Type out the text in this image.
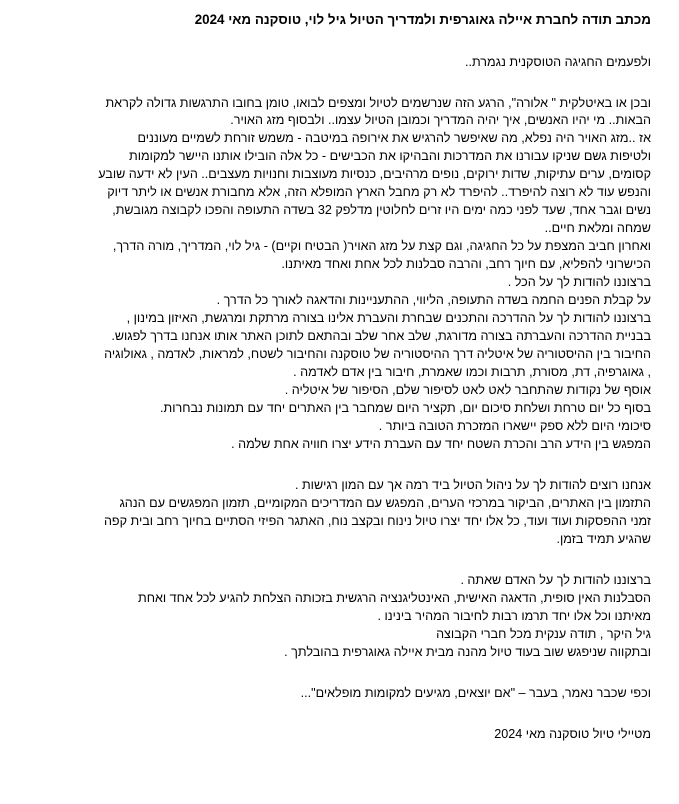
מכתב תודה לחברת איילה גאוגרפית ולמדריך הטיול גיל לוי, טוסקנה מאי 2024
ולפעמים החגיגה הטוסקנית נגמרת..
ובכן או באיטלקית " אלורה", הרגע הזה שנרשמים לטיול ומצפים לבואו, טומן בחובו התרגשות גדולה לקראת
הבאות.. מי יהיו האנשים, איך יהיה המדריך וכמובן הטיול עצמו.. ולבסוף מזג האויר.
אז ..מזג האויר היה נפלא, מה שאיפשר להרגיש את אירופה במיטבה - משמש זורחת לשמיים מעוננים
ולטיפות גשם שניקו עבורנו את המדרכות והבהיקו את הכבישים - כל אלה הובילו אותנו היישר למקומות
קסומים, ערים עתיקות, שדות ירוקים, נופים מרהיבים, כנסיות מעוצבות וחנויות מעצבים.. העין לא ידעה שובע
והנפש עוד לא רוצה להיפרד.. להיפרד לא רק מחבל הארץ המופלא הזה, אלא מחבורת אנשים או ליתר דיוק
נשים וגבר אחד, שעד לפני כמה ימים היו זרים לחלוטין מדלפק 32 בשדה התעופה והפכו לקבוצה מגובשת,
שמחה ומלאת חיים..
ואחרון חביב המצפת על כל החגיגה, וגם קצת על מזג האויר( הבטיח וקיים) - גיל לוי, המדריך, מורה הדרך,
הכישרוני להפליא, עם חיוך רחב, והרבה סבלנות לכל אחת ואחד מאיתנו.
ברצוננו להודות לך על הכל .
על קבלת הפנים החמה בשדה התעופה, הליווי, ההתעניינות והדאגה לאורך כל הדרך .
ברצוננו להודות לך על ההדרכה והתכנים שבחרת והעברת אלינו בצורה מרתקת ומרגשת, האיזון במינון ,
בבניית ההדרכה והעברתה בצורה מדורגת, שלב אחר שלב ובהתאם לתוכן האתר אותו אנחנו בדרך לפגוש.
החיבור בין ההיסטוריה של איטליה דרך ההיסטוריה של טוסקנה והחיבור לשטח, למראות, לאדמה , גאולוגיה
, גאוגרפיה, דת, מסורת, תרבות וכמו שאמרת, חיבור בין אדם לאדמה .
אוסף של נקודות שהתחבר לאט לאט לסיפור שלם, הסיפור של איטליה .
בסוף כל יום טרחת ושלחת סיכום יום, תקציר היום שמחבר בין האתרים יחד עם תמונות נבחרות.
סיכומי היום ללא ספק יישארו המזכרת הטובה ביותר .
המפגש בין הידע הרב והכרת השטח יחד עם העברת הידע יצרו חוויה אחת שלמה .
אנחנו רוצים להודות לך על ניהול הטיול ביד רמה אך עם המון רגישות .
התזמון בין האתרים, הביקור במרכזי הערים, המפגש עם המדריכים המקומיים, תזמון המפגשים עם הנהג
זמני ההפסקות ועוד ועוד, כל אלו יחד יצרו טיול נינוח ובקצב נוח, האתגר הפיזי הסתיים בחיוך רחב ובית קפה
שהגיע תמיד בזמן.
ברצוננו להודות לך על האדם שאתה .
הסבלנות האין סופית, הדאגה האישית, האינטליגנציה הרגשית בזכותה הצלחת להגיע לכל אחד ואחת
מאיתנו וכל אלו יחד תרמו רבות לחיבור המהיר בינינו .
גיל היקר , תודה ענקית מכל חברי הקבוצה
ובתקווה שניפגש שוב בעוד טיול מהנה מבית איילה גאוגרפית בהובלתך .
וכפי שכבר נאמר, בעבר – "אם יוצאים, מגיעים למקומות מופלאים"...
מטיילי טיול טוסקנה מאי 2024
